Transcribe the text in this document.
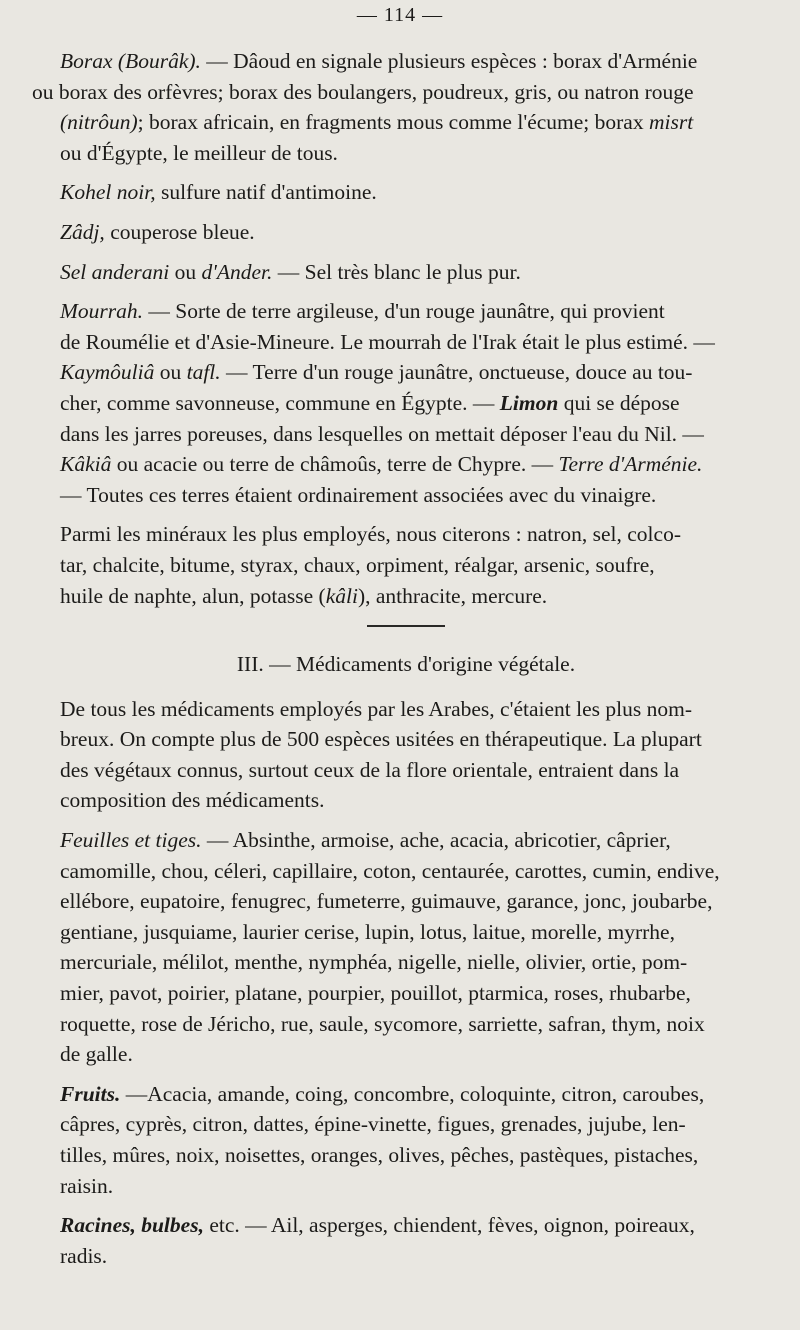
— 114 —

Borax (Bourâk). — Dâoud en signale plusieurs espèces : borax d'Arménie
ou borax des orfèvres; borax des boulangers, poudreux, gris, ou natron rouge
(nitrôun); borax africain, en fragments mous comme l'écume; borax misrt
ou d'Égypte, le meilleur de tous.

Kohel noir, sulfure natif d'antimoine.

Zâdj, couperose bleue.

Sel anderani ou d'Ander. — Sel très blanc le plus pur.

Mourrah. — Sorte de terre argileuse, d'un rouge jaunâtre, qui provient
de Roumélie et d'Asie-Mineure. Le mourrah de l'Irak était le plus estimé. —
Kaymôuliâ ou tafl. — Terre d'un rouge jaunâtre, onctueuse, douce au tou-
cher, comme savonneuse, commune en Égypte. — Limon qui se dépose
dans les jarres poreuses, dans lesquelles on mettait déposer l'eau du Nil. —
Kâkiâ ou acacie ou terre de châmoûs, terre de Chypre. — Terre d'Arménie.
— Toutes ces terres étaient ordinairement associées avec du vinaigre.

Parmi les minéraux les plus employés, nous citerons : natron, sel, colco-
tar, chalcite, bitume, styrax, chaux, orpiment, réalgar, arsenic, soufre,
huile de naphte, alun, potasse (kâli), anthracite, mercure.

III. — Médicaments d'origine végétale.

De tous les médicaments employés par les Arabes, c'étaient les plus nom-
breux. On compte plus de 500 espèces usitées en thérapeutique. La plupart
des végétaux connus, surtout ceux de la flore orientale, entraient dans la
composition des médicaments.

Feuilles et tiges. — Absinthe, armoise, ache, acacia, abricotier, câprier,
camomille, chou, céleri, capillaire, coton, centaurée, carottes, cumin, endive,
ellébore, eupatoire, fenugrec, fumeterre, guimauve, garance, jonc, joubarbe,
gentiane, jusquiame, laurier cerise, lupin, lotus, laitue, morelle, myrrhe,
mercuriale, mélilot, menthe, nymphéa, nigelle, nielle, olivier, ortie, pom-
mier, pavot, poirier, platane, pourpier, pouillot, ptarmica, roses, rhubarbe,
roquette, rose de Jéricho, rue, saule, sycomore, sarriette, safran, thym, noix
de galle.

Fruits. —Acacia, amande, coing, concombre, coloquinte, citron, caroubes,
câpres, cyprès, citron, dattes, épine-vinette, figues, grenades, jujube, len-
tilles, mûres, noix, noisettes, oranges, olives, pêches, pastèques, pistaches,
raisin.

Racines, bulbes, etc. — Ail, asperges, chiendent, fèves, oignon, poireaux,
radis.
